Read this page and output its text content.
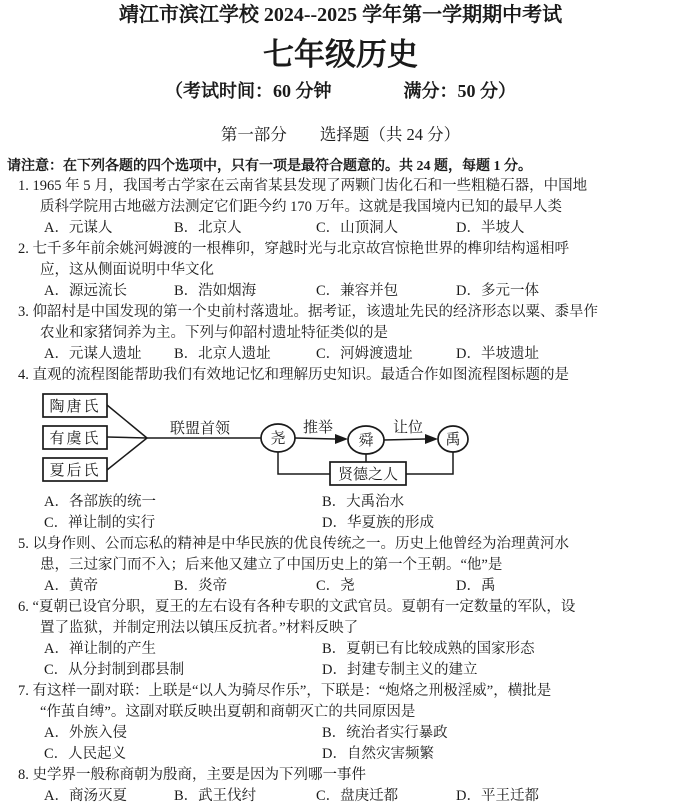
靖江市滨江学校 2024--2025 学年第一学期期中考试
七年级历史
（考试时间：60 分钟　　　　满分：50 分）
第一部分　　选择题（共 24 分）
请注意：在下列各题的四个选项中，只有一项是最符合题意的。共 24 题，每题 1 分。
1. 1965 年 5 月，我国考古学家在云南省某县发现了两颗门齿化石和一些粗糙石器，中国地
质科学院用古地磁方法测定它们距今约 170 万年。这就是我国境内已知的最早人类
A．元谋人	B．北京人	C．山顶洞人	D．半坡人
2. 七千多年前余姚河姆渡的一根榫卯，穿越时光与北京故宫惊艳世界的榫卯结构遥相呼
应，这从侧面说明中华文化
A．源远流长	B．浩如烟海	C．兼容并包	D．多元一体
3. 仰韶村是中国发现的第一个史前村落遗址。据考证，该遗址先民的经济形态以粟、黍旱作
农业和家猪饲养为主。下列与仰韶村遗址特征类似的是
A．元谋人遗址	B．北京人遗址	C．河姆渡遗址	D．半坡遗址
4. 直观的流程图能帮助我们有效地记忆和理解历史知识。最适合作如图流程图标题的是
陶唐氏
有虞氏
夏后氏
联盟首领
尧
推举
舜
让位
禹
贤德之人
A．各部族的统一	B．大禹治水
C．禅让制的实行	D．华夏族的形成
5. 以身作则、公而忘私的精神是中华民族的优良传统之一。历史上他曾经为治理黄河水
患，三过家门而不入；后来他又建立了中国历史上的第一个王朝。“他”是
A．黄帝	B．炎帝	C．尧	D．禹
6. “夏朝已设官分职，夏王的左右设有各种专职的文武官员。夏朝有一定数量的军队，设
置了监狱，并制定刑法以镇压反抗者。”材料反映了
A．禅让制的产生	B．夏朝已有比较成熟的国家形态
C．从分封制到郡县制	D．封建专制主义的建立
7. 有这样一副对联：上联是“以人为骑尽作乐”，下联是：“炮烙之刑极淫威”，横批是
“作茧自缚”。这副对联反映出夏朝和商朝灭亡的共同原因是
A．外族入侵	B．统治者实行暴政
C．人民起义	D．自然灾害频繁
8. 史学界一般称商朝为殷商，主要是因为下列哪一事件
A．商汤灭夏	B．武王伐纣	C．盘庚迁都	D．平王迁都
